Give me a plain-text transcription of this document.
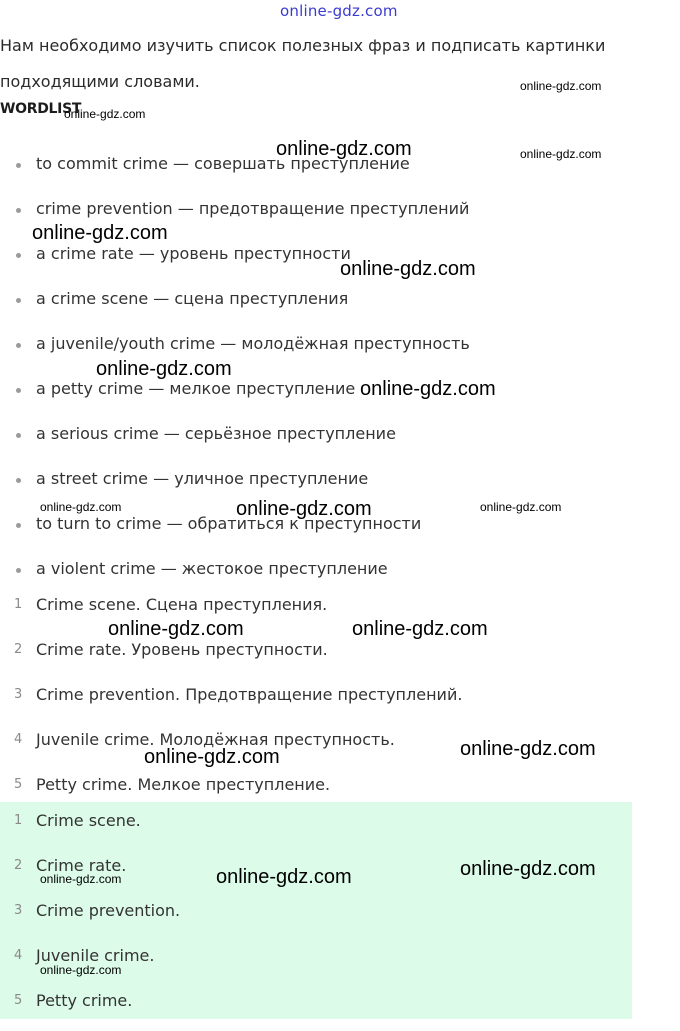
online-gdz.com
Нам необходимо изучить список полезных фраз и подписать картинки подходящими словами.
WORDLIST
to commit crime — совершать преступление
crime prevention — предотвращение преступлений
a crime rate — уровень преступности
a crime scene — сцена преступления
a juvenile/youth crime — молодёжная преступность
a petty crime — мелкое преступление
a serious crime — серьёзное преступление
a street crime — уличное преступление
to turn to crime — обратиться к преступности
a violent crime — жестокое преступление
1 Crime scene. Сцена преступления.
2 Crime rate. Уровень преступности.
3 Crime prevention. Предотвращение преступлений.
4 Juvenile crime. Молодёжная преступность.
5 Petty crime. Мелкое преступление.
1 Crime scene.
2 Crime rate.
3 Crime prevention.
4 Juvenile crime.
5 Petty crime.
online-gdz.com
online-gdz.com
online-gdz.com	online-gdz.com
online-gdz.com
online-gdz.com
online-gdz.com
online-gdz.com
online-gdz.com	online-gdz.com	online-gdz.com
online-gdz.com	online-gdz.com
online-gdz.com
online-gdz.com
online-gdz.com
online-gdz.com	online-gdz.com
online-gdz.com
